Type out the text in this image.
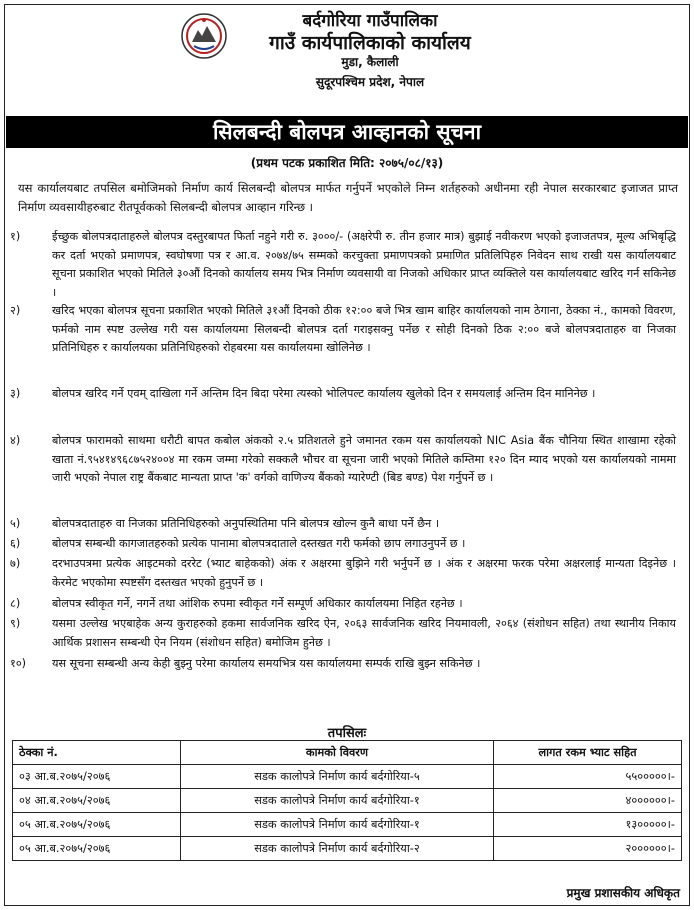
बर्दगोरिया गाउँपालिका
गाउँ कार्यपालिकाको कार्यालय
मुडा, कैलाली
सुदूरपश्चिम प्रदेश, नेपाल
सिलबन्दी बोलपत्र आव्हानको सूचना
(प्रथम पटक प्रकाशित मिति: २०७५/०८/१३)
यस कार्यालयबाट तपसिल बमोजिमको निर्माण कार्य सिलबन्दी बोलपत्र मार्फत गर्नुपर्ने भएकोले निम्न शर्तहरुको अधीनमा रही नेपाल सरकारबाट इजाजत प्राप्त निर्माण व्यवसायीहरुबाट रीतपूर्वकको सिलबन्दी बोलपत्र आव्हान गरिन्छ ।
१)	ईच्छुक बोलपत्रदाताहरुले बोलपत्र दस्तुरबापत फिर्ता नहुने गरी रु. ३०००/- (अक्षरेपी रु. तीन हजार मात्र) बुझाई नवीकरण भएको इजाजतपत्र, मूल्य अभिबृद्धि कर दर्ता भएको प्रमाणपत्र, स्वघोषणा पत्र र आ.व. २०७४/७५ सम्मको करचुक्ता प्रमाणपत्रको प्रमाणित प्रतिलिपिहरु निवेदन साथ राखी यस कार्यालयबाट सूचना प्रकाशित भएको मितिले ३०औं दिनको कार्यालय समय भित्र निर्माण व्यवसायी वा निजको अधिकार प्राप्त व्यक्तिले यस कार्यालयबाट खरिद गर्न सकिनेछ ।
२)	खरिद भएका बोलपत्र सूचना प्रकाशित भएको मितिले ३१औं दिनको ठीक १२:०० बजे भित्र खाम बाहिर कार्यालयको नाम ठेगाना, ठेक्का नं., कामको विवरण, फर्मको नाम स्पष्ट उल्लेख गरी यस कार्यालयमा सिलबन्दी बोलपत्र दर्ता गराइसक्नु पर्नेछ र सोही दिनको ठिक २:०० बजे बोलपत्रदाताहरु वा निजका प्रतिनिधिहरु र कार्यालयका प्रतिनिधिहरुको रोहबरमा यस कार्यालयमा खोलिनेछ ।
३)	बोलपत्र खरिद गर्ने एवम् दाखिला गर्ने अन्तिम दिन बिदा परेमा त्यस्को भोलिपल्ट कार्यालय खुलेको दिन र समयलाई अन्तिम दिन मानिनेछ ।
४)	बोलपत्र फारामको साथमा धरौटी बापत कबोल अंकको २.५ प्रतिशतले हुने जमानत रकम यस कार्यालयको NIC Asia बैंक चौनिया स्थित शाखामा रहेको खाता नं.९५४१४९६८७५२४००४ मा रकम जम्मा गरेको सक्कलै भौचर वा सूचना जारी भएको मितिले कम्तिमा १२० दिन म्याद भएको यस कार्यालयको नाममा जारी भएको नेपाल राष्ट्र बैंकबाट मान्यता प्राप्त 'क' वर्गको वाणिज्य बैंकको ग्यारेण्टी (बिड बण्ड) पेश गर्नुपर्ने छ ।
५)	बोलपत्रदाताहरु वा निजका प्रतिनिधिहरुको अनुपस्थितिमा पनि बोलपत्र खोल्न कुनै बाधा पर्ने छैन ।
६)	बोलपत्र सम्बन्धी कागजातहरुको प्रत्येक पानामा बोलपत्रदाताले दस्तखत गरी फर्मको छाप लगाउनुपर्ने छ ।
७)	दरभाउपत्रमा प्रत्येक आइटमको दररेट (भ्याट बाहेकको) अंक र अक्षरमा बुझिने गरी भर्नुपर्ने छ । अंक र अक्षरमा फरक परेमा अक्षरलाई मान्यता दिइनेछ । केरमेट भएकोमा स्पष्टसँग दस्तखत भएको हुनुपर्ने छ ।
८)	बोलपत्र स्वीकृत गर्ने, नगर्ने तथा आंशिक रुपमा स्वीकृत गर्ने सम्पूर्ण अधिकार कार्यालयमा निहित रहनेछ ।
९)	यसमा उल्लेख भएबाहेक अन्य कुराहरुको हकमा सार्वजनिक खरिद ऐन, २०६३ सार्वजनिक खरिद नियमावली, २०६४ (संशोधन सहित) तथा स्थानीय निकाय आर्थिक प्रशासन सम्बन्धी ऐन नियम (संशोधन सहित) बमोजिम हुनेछ ।
१०)	यस सूचना सम्बन्धी अन्य केही बुझ्नु परेमा कार्यालय समयभित्र यस कार्यालयमा सम्पर्क राखि बुझ्न सकिनेछ ।
तपसिलः
ठेक्का नं.	कामको विवरण	लागत रकम भ्याट सहित
०३ आ.ब.२०७५/२०७६	सडक कालोपत्रे निर्माण कार्य बर्दगोरिया-५	५५०००००।-
०४ आ.ब.२०७५/२०७६	सडक कालोपत्रे निर्माण कार्य बर्दगोरिया-१	४००००००।-
०५ आ.ब.२०७५/२०७६	सडक कालोपत्रे निर्माण कार्य बर्दगोरिया-१	१३०००००।-
०५ आ.ब.२०७५/२०७६	सडक कालोपत्रे निर्माण कार्य बर्दगोरिया-२	२००००००।-
प्रमुख प्रशासकीय अधिकृत
